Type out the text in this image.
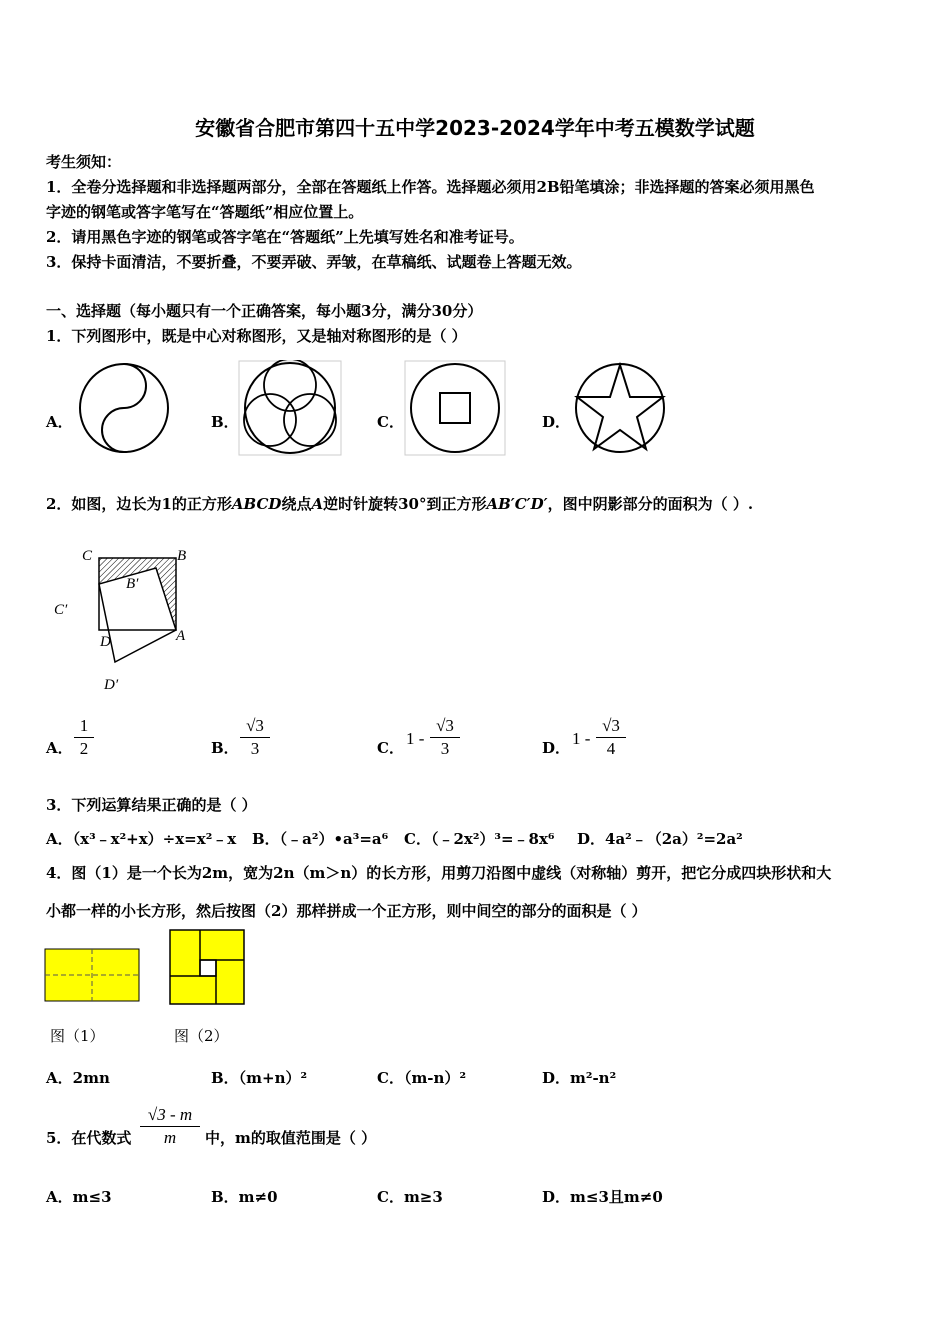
安徽省合肥市第四十五中学2023-2024学年中考五模数学试题
考生须知：
1．全卷分选择题和非选择题两部分，全部在答题纸上作答。选择题必须用2B铅笔填涂；非选择题的答案必须用黑色
字迹的钢笔或答字笔写在“答题纸”相应位置上。
2．请用黑色字迹的钢笔或答字笔在“答题纸”上先填写姓名和准考证号。
3．保持卡面清洁，不要折叠，不要弄破、弄皱，在草稿纸、试题卷上答题无效。
一、选择题（每小题只有一个正确答案，每小题3分，满分30分）
1．下列图形中，既是中心对称图形，又是轴对称图形的是（ ）
A．	B．	C．	D．
2．如图，边长为1的正方形ABCD绕点A逆时针旋转30°到正方形AB′C′D′，图中阴影部分的面积为（ ）.
C	B
B′
C′
D	A
D′
A．
1
2	B．
√3
3	C． 1 -
√3
3	D． 1 -
√3
4
3．下列运算结果正确的是（ ）
A．（x³﹣x²+x）÷x=x²﹣x B．（﹣a²）•a³=a⁶ C．（﹣2x²）³=﹣8x⁶ D．4a²﹣（2a）²=2a²
4．图（1）是一个长为2m，宽为2n（m＞n）的长方形，用剪刀沿图中虚线（对称轴）剪开，把它分成四块形状和大
小都一样的小长方形，然后按图（2）那样拼成一个正方形，则中间空的部分的面积是（ ）
图（1）	图（2）
A．2mn	B．（m+n）²	C．（m-n）²	D．m²-n²
5．在代数式
√3 - m
m	中，m的取值范围是（ ）
A．m≤3	B．m≠0	C．m≥3	D．m≤3且m≠0
